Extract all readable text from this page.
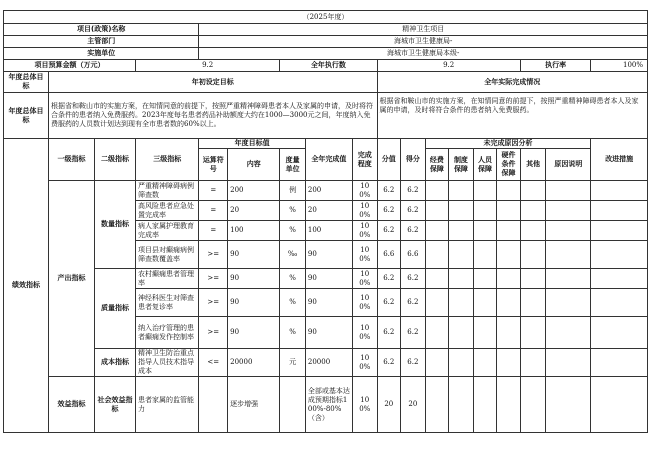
（2025年度）																	
项目(政策)名称				精神卫生项目													
主管部门				海城市卫生健康局-													
实施单位				海城市卫生健康局本级-													
项目预算金额（万元）			9.2			全年执行数			9.2						执行率		100%
年度总体目标	年初设定目标								全年实际完成情况								
年度总体目标	根据省和鞍山市的实施方案，在知情同意的前提下，按照严重精神障碍患者本人及家属的申请，及时将符合条件的患者纳入免费服药。2023年度每名患者药品补助额度大约在1000—3000元之间，年度纳入免费服药的人员数计划达到现有全市患者数的60%以上。								根据省和鞍山市的实施方案，在知情同意的前提下，按照严重精神障碍患者本人及家属的申请，及时将符合条件的患者纳入免费服药。								
绩效指标	一级指标	二级指标	三级指标	年度目标值			全年完成值	完成程度	分值	得分	未完成原因分析						改进措施
				运算符号	内容	度量单位					经费保障	制度保障	人员保障	硬件条件保障	其他	原因说明	
	产出指标	数量指标	严重精神障碍病例筛查数	=	200	例	200	100%	6.2	6.2							
			高风险患者应急处置完成率	=	20	%	20	100%	6.2	6.2							
			病人家属护理教育完成率	=	100	%	100	100%	6.2	6.2							
			项目县对癫痫病例筛查数覆盖率	>=	90	‰	90	100%	6.6	6.6							
		质量指标	农村癫痫患者管理率	>=	90	%	90	100%	6.2	6.2							
			神经科医生对筛查患者复诊率	>=	90	%	90	100%	6.2	6.2							
			纳入治疗管理的患者癫痫发作控制率	>=	90	%	90	100%	6.2	6.2							
		成本指标	精神卫生防治重点指导人员技术指导成本	<=	20000	元	20000	100%	6.2	6.2							
	效益指标	社会效益指标	患者家属的监管能力		逐步增强		全部或基本达成预期指标100%-80%（含）	100%	20	20							
